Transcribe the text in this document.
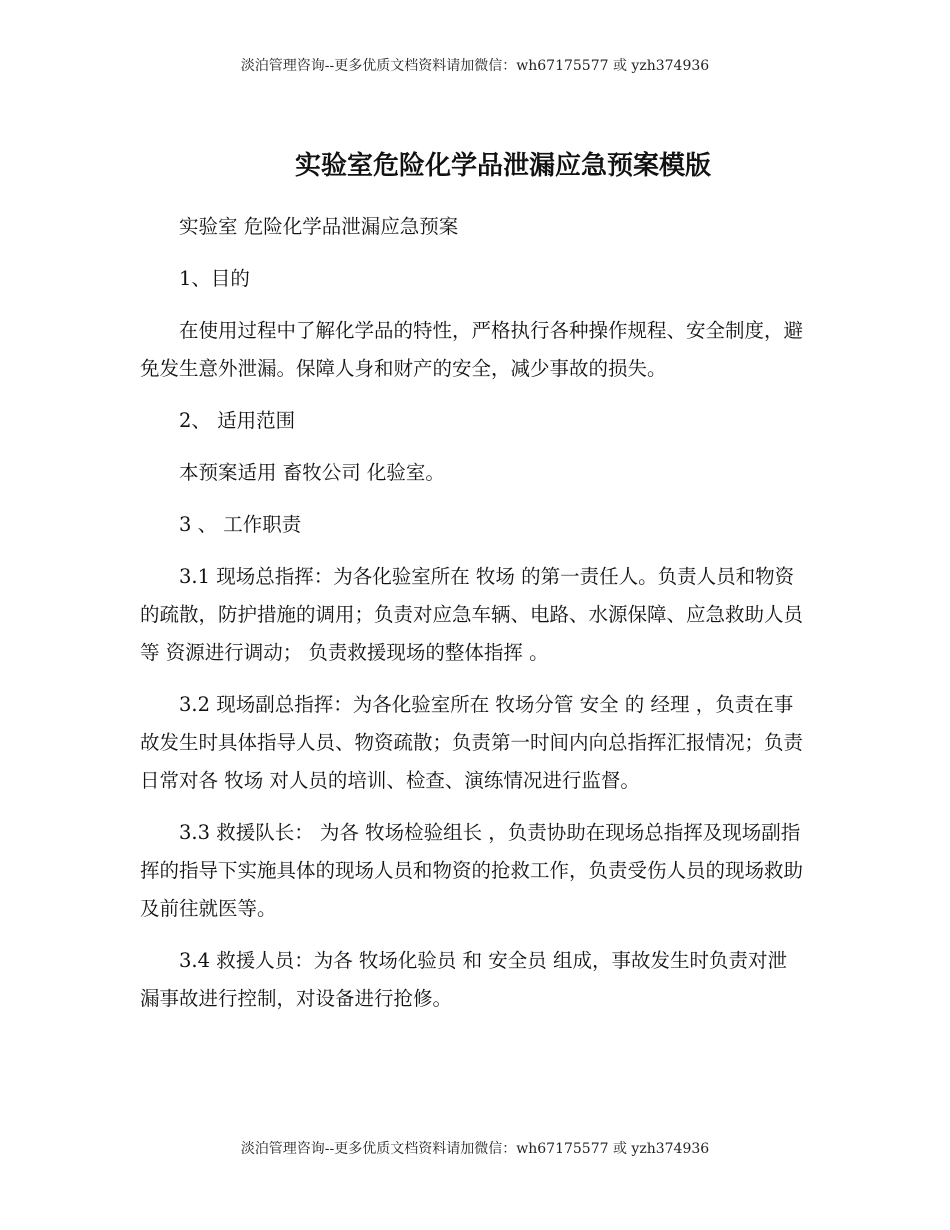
淡泊管理咨询--更多优质文档资料请加微信：wh67175577 或 yzh374936
实验室危险化学品泄漏应急预案模版

实验室 危险化学品泄漏应急预案

1、目的

在使用过程中了解化学品的特性，严格执行各种操作规程、安全制度，避免发生意外泄漏。保障人身和财产的安全，减少事故的损失。

2、 适用范围

本预案适用 畜牧公司 化验室。

3 、 工作职责

3.1 现场总指挥：为各化验室所在 牧场 的第一责任人。负责人员和物资的疏散，防护措施的调用；负责对应急车辆、电路、水源保障、应急救助人员等 资源进行调动； 负责救援现场的整体指挥 。

3.2 现场副总指挥：为各化验室所在 牧场分管 安全 的 经理 ，负责在事故发生时具体指导人员、物资疏散；负责第一时间内向总指挥汇报情况；负责日常对各 牧场 对人员的培训、检查、演练情况进行监督。

3.3 救援队长： 为各 牧场检验组长 ，负责协助在现场总指挥及现场副指挥的指导下实施具体的现场人员和物资的抢救工作，负责受伤人员的现场救助及前往就医等。

3.4 救援人员：为各 牧场化验员 和 安全员 组成，事故发生时负责对泄漏事故进行控制，对设备进行抢修。

淡泊管理咨询--更多优质文档资料请加微信：wh67175577 或 yzh374936
